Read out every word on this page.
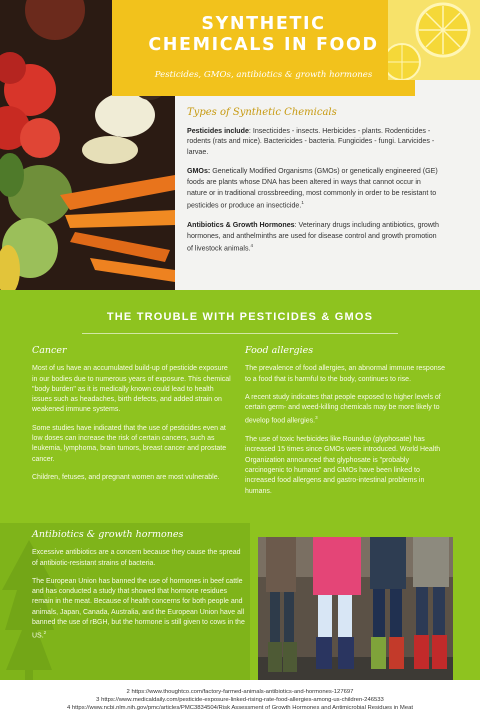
SYNTHETIC
CHEMICALS IN FOOD
Pesticides, GMOs, antibiotics & growth hormones
Types of Synthetic Chemicals

Pesticides include: Insecticides - insects. Herbicides - plants. Rodenticides - rodents (rats and mice). Bactericides - bacteria. Fungicides - fungi. Larvicides - larvae.

GMOs: Genetically Modified Organisms (GMOs) or genetically engineered (GE) foods are plants whose DNA has been altered in ways that cannot occur in nature or in traditional crossbreeding, most commonly in order to be resistant to pesticides or produce an insecticide.$^1$

Antibiotics & Growth Hormones: Veterinary drugs including antibiotics, growth hormones, and anthelminths are used for disease control and growth promotion of livestock animals.$^4$

THE TROUBLE WITH PESTICIDES & GMOS
Cancer

Most of us have an accumulated build-up of pesticide exposure in our bodies due to numerous years of exposure. This chemical "body burden" as it is medically known could lead to health issues such as headaches, birth defects, and added strain on weakened immune systems.

Some studies have indicated that the use of pesticides even at low doses can increase the risk of certain cancers, such as leukemia, lymphoma, brain tumors, breast cancer and prostate cancer.

Children, fetuses, and pregnant women are most vulnerable.

Food allergies

The prevalence of food allergies, an abnormal immune response to a food that is harmful to the body, continues to rise.

A recent study indicates that people exposed to higher levels of certain germ- and weed-killing chemicals may be more likely to develop food allergies.$^3$

The use of toxic herbicides like Roundup (glyphosate) has increased 15 times since GMOs were introduced. World Health Organization announced that glyphosate is "probably carcinogenic to humans" and GMOs have been linked to increased food allergens and gastro-intestinal problems in humans.

Antibiotics & growth hormones

Excessive antibiotics are a concern because they cause the spread of antibiotic-resistant strains of bacteria.

The European Union has banned the use of hormones in beef cattle and has conducted a study that showed that hormone residues remain in the meat. Because of health concerns for both people and animals, Japan, Canada, Australia, and the European Union have all banned the use of rBGH, but the hormone is still given to cows in the US.$^2$

2 https://www.thoughtco.com/factory-farmed-animals-antibiotics-and-hormones-127697
3 https://www.medicaldaily.com/pesticide-exposure-linked-rising-rate-food-allergies-among-us-children-246533
4 https://www.ncbi.nlm.nih.gov/pmc/articles/PMC3834504/Risk Assessment of Growth Hormones and Antimicrobial Residues in Meat
